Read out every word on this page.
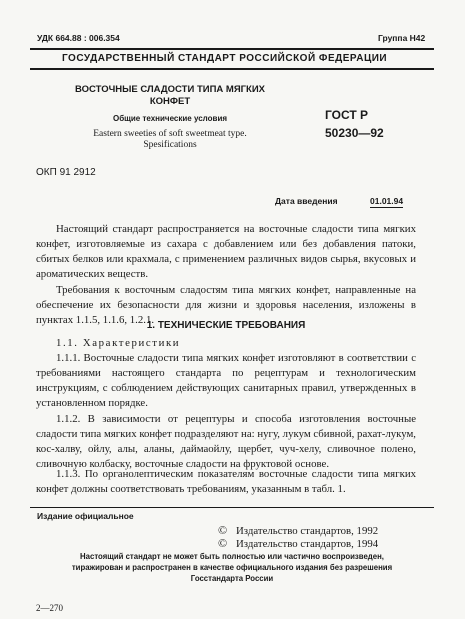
УДК 664.88 : 006.354	Группа Н42
ГОСУДАРСТВЕННЫЙ СТАНДАРТ РОССИЙСКОЙ ФЕДЕРАЦИИ
ВОСТОЧНЫЕ СЛАДОСТИ ТИПА МЯГКИХ
КОНФЕТ
Общие технические условия
Eastern sweeties of soft sweetmeat type.
Spesifications
ГОСТ Р
50230—92
ОКП 91 2912
Дата введения	01.01.94
Настоящий стандарт распространяется на восточные сладости типа мягких конфет, изготовляемые из сахара с добавлением или без добавления патоки, сбитых белков или крахмала, с применением различных видов сырья, вкусовых и ароматических веществ.
Требования к восточным сладостям типа мягких конфет, направленные на обеспечение их безопасности для жизни и здоровья населения, изложены в пунктах 1.1.5, 1.1.6, 1.2.1.
1. ТЕХНИЧЕСКИЕ ТРЕБОВАНИЯ
1.1. Характеристики
1.1.1. Восточные сладости типа мягких конфет изготовляют в соответствии с требованиями настоящего стандарта по рецептурам и технологическим инструкциям, с соблюдением действующих санитарных правил, утвержденных в установленном порядке.
1.1.2. В зависимости от рецептуры и способа изготовления восточные сладости типа мягких конфет подразделяют на: нугу, лукум сбивной, рахат-лукум, кос-халву, ойлу, алы, аланы, даймаойлу, щербет, чуч-хелу, сливочное полено, сливочную колбаску, восточные сладости на фруктовой основе.
1.1.3. По органолептическим показателям восточные сладости типа мягких конфет должны соответствовать требованиям, указанным в табл. 1.
Издание официальное
© Издательство стандартов, 1992
© Издательство стандартов, 1994
Настоящий стандарт не может быть полностью или частично воспроизведен,
тиражирован и распространен в качестве официального издания без разрешения
Госстандарта России
2—270
